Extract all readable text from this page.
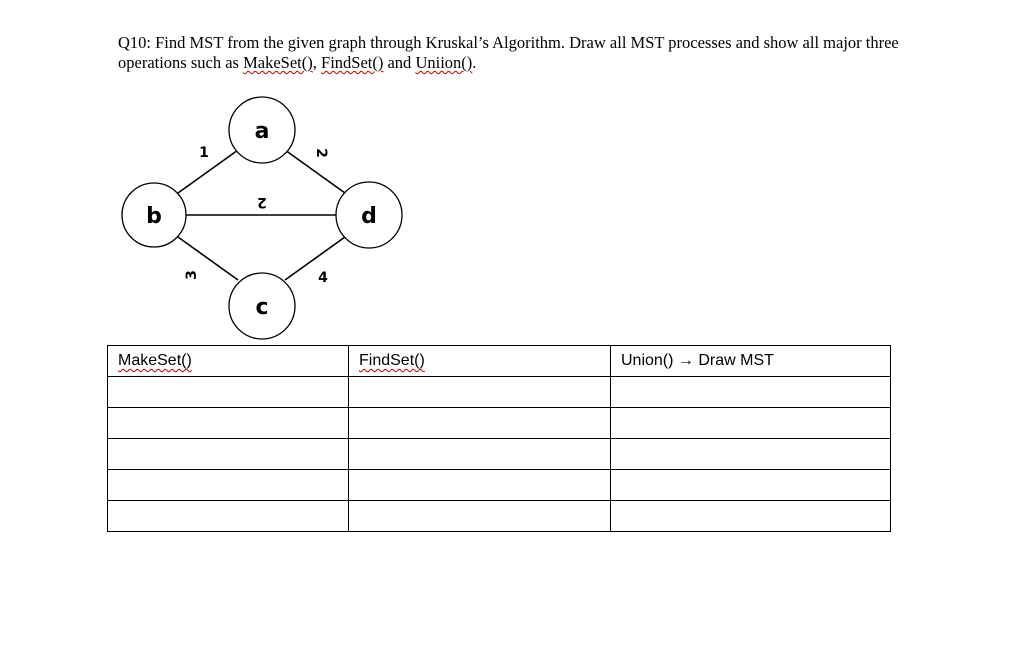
Q10: Find MST from the given graph through Kruskal’s Algorithm. Draw all MST processes and show all major three operations such as MakeSet(), FindSet() and Uniion().
a
b
c
d
1	2
2
3	4
MakeSet()	FindSet()	Union() → Draw MST
